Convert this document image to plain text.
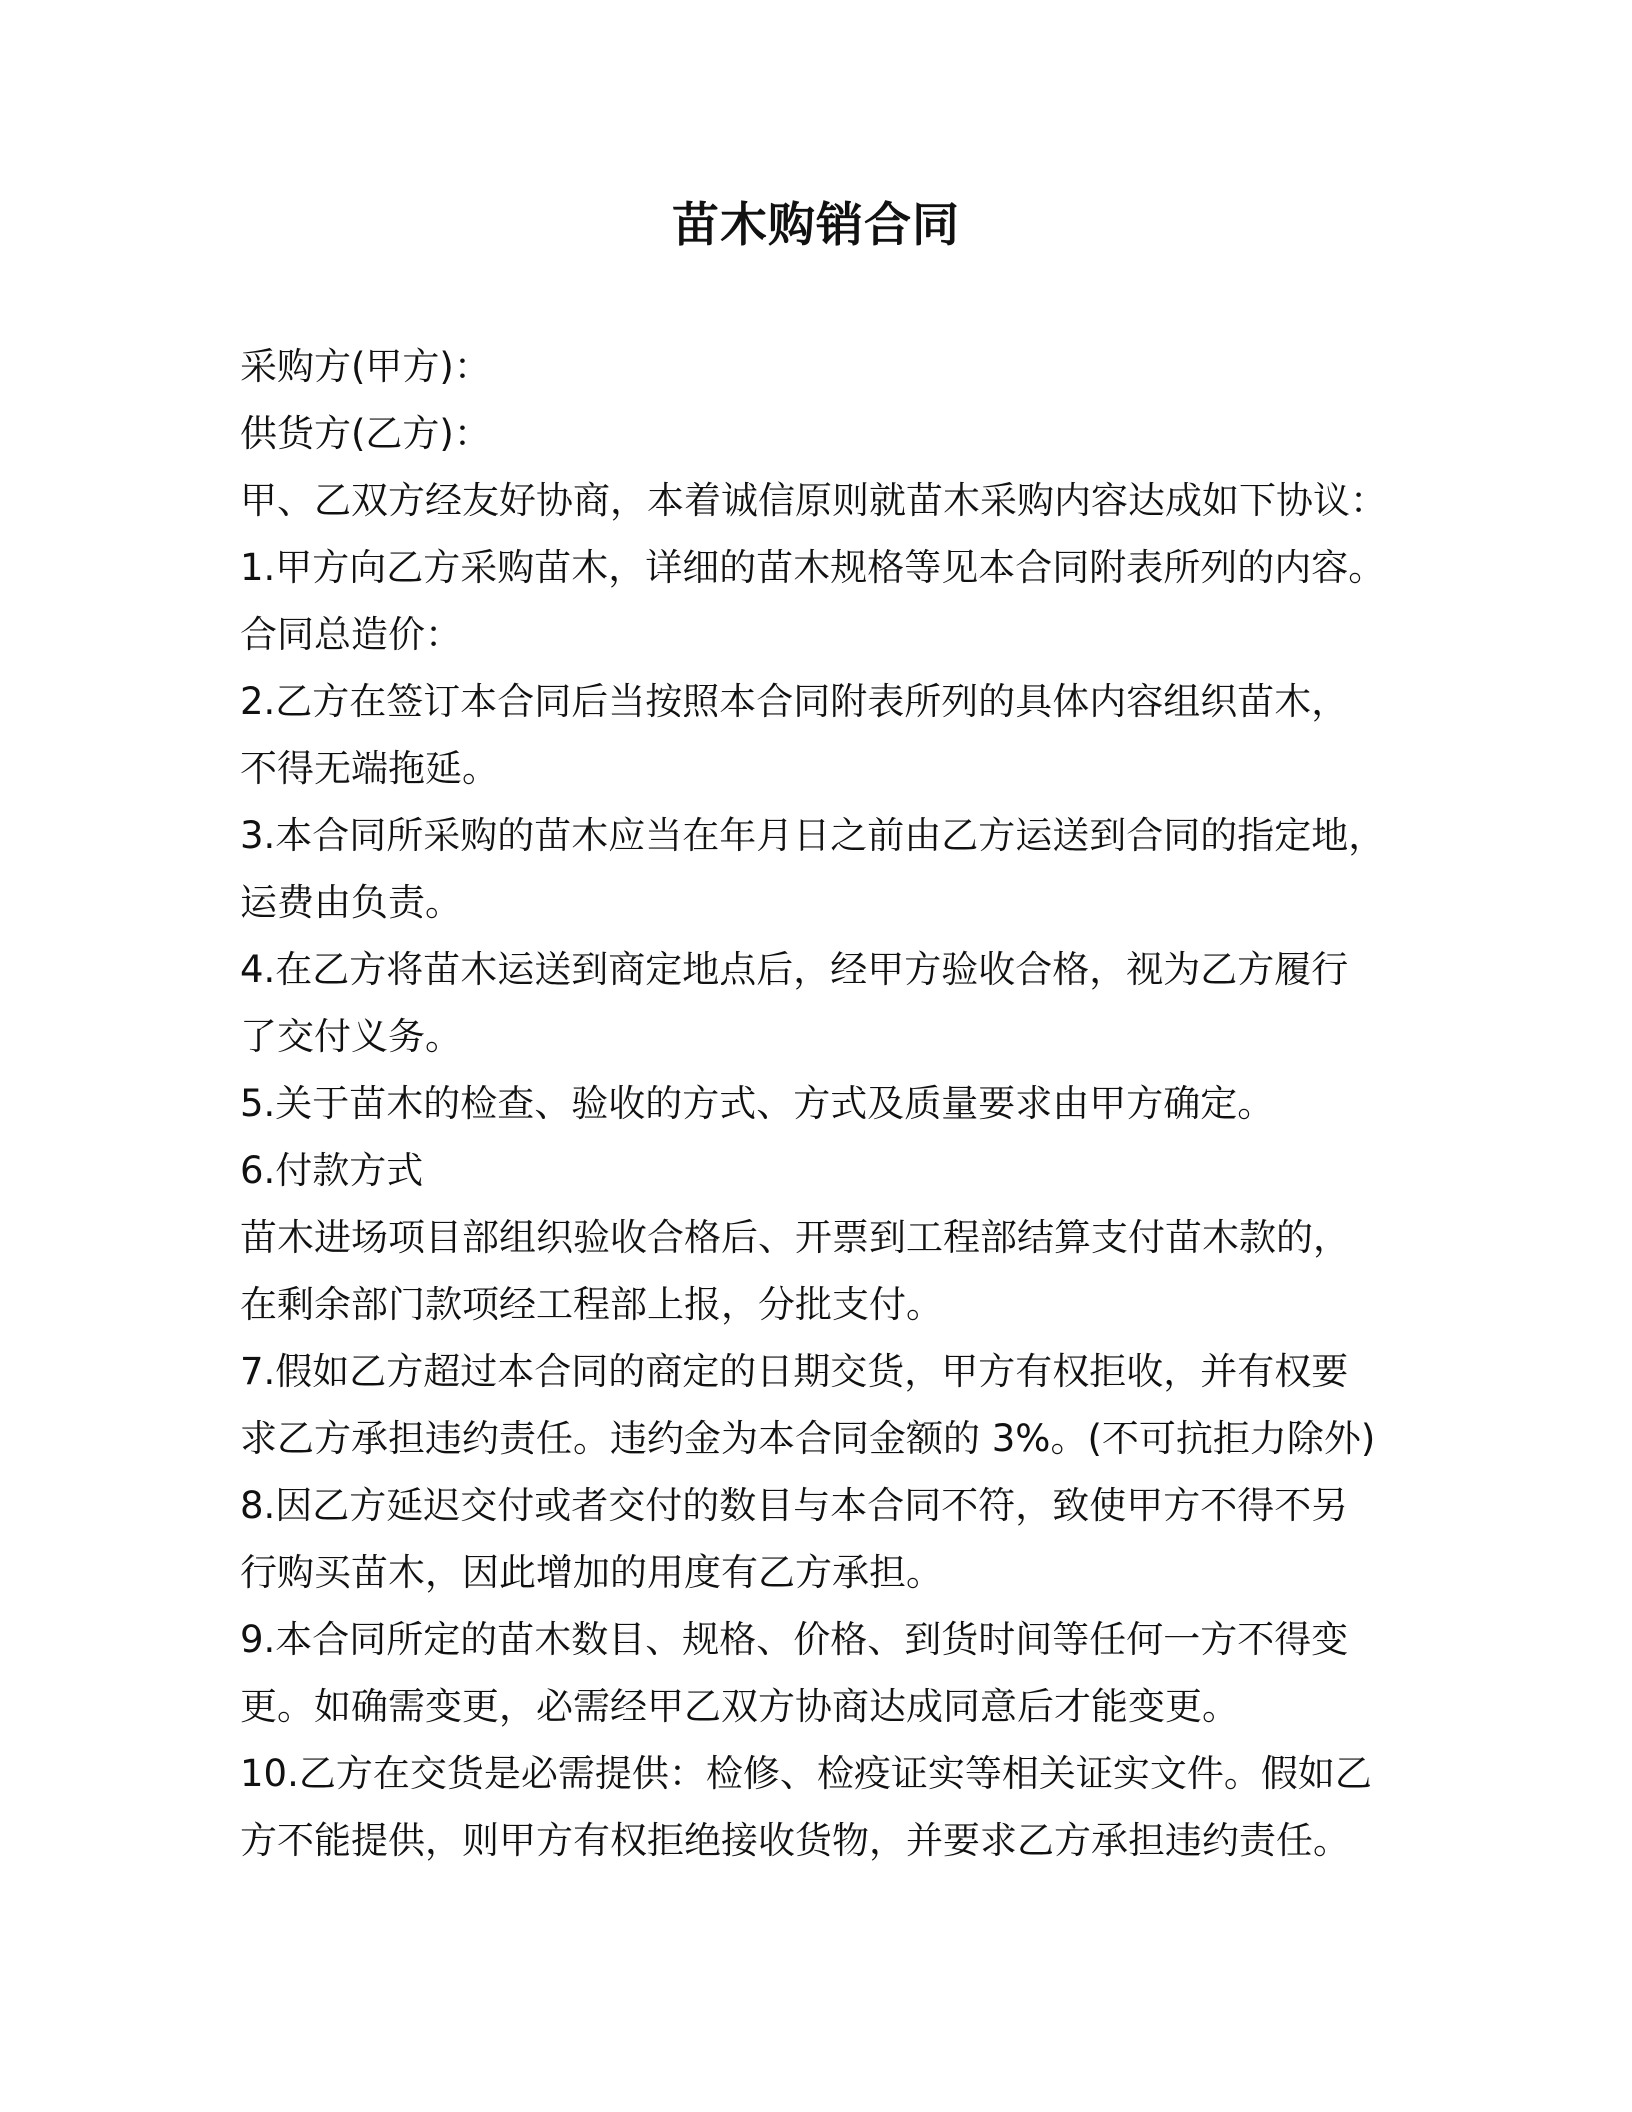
苗木购销合同
采购方(甲方)：
供货方(乙方)：
甲、乙双方经友好协商，本着诚信原则就苗木采购内容达成如下协议：
1.甲方向乙方采购苗木，详细的苗木规格等见本合同附表所列的内容。
合同总造价：
2.乙方在签订本合同后当按照本合同附表所列的具体内容组织苗木，
不得无端拖延。
3.本合同所采购的苗木应当在年月日之前由乙方运送到合同的指定地，
运费由负责。
4.在乙方将苗木运送到商定地点后，经甲方验收合格，视为乙方履行
了交付义务。
5.关于苗木的检查、验收的方式、方式及质量要求由甲方确定。
6.付款方式
苗木进场项目部组织验收合格后、开票到工程部结算支付苗木款的，
在剩余部门款项经工程部上报，分批支付。
7.假如乙方超过本合同的商定的日期交货，甲方有权拒收，并有权要
求乙方承担违约责任。违约金为本合同金额的 3%。(不可抗拒力除外)
8.因乙方延迟交付或者交付的数目与本合同不符，致使甲方不得不另
行购买苗木，因此增加的用度有乙方承担。
9.本合同所定的苗木数目、规格、价格、到货时间等任何一方不得变
更。如确需变更，必需经甲乙双方协商达成同意后才能变更。
10.乙方在交货是必需提供：检修、检疫证实等相关证实文件。假如乙
方不能提供，则甲方有权拒绝接收货物，并要求乙方承担违约责任。
